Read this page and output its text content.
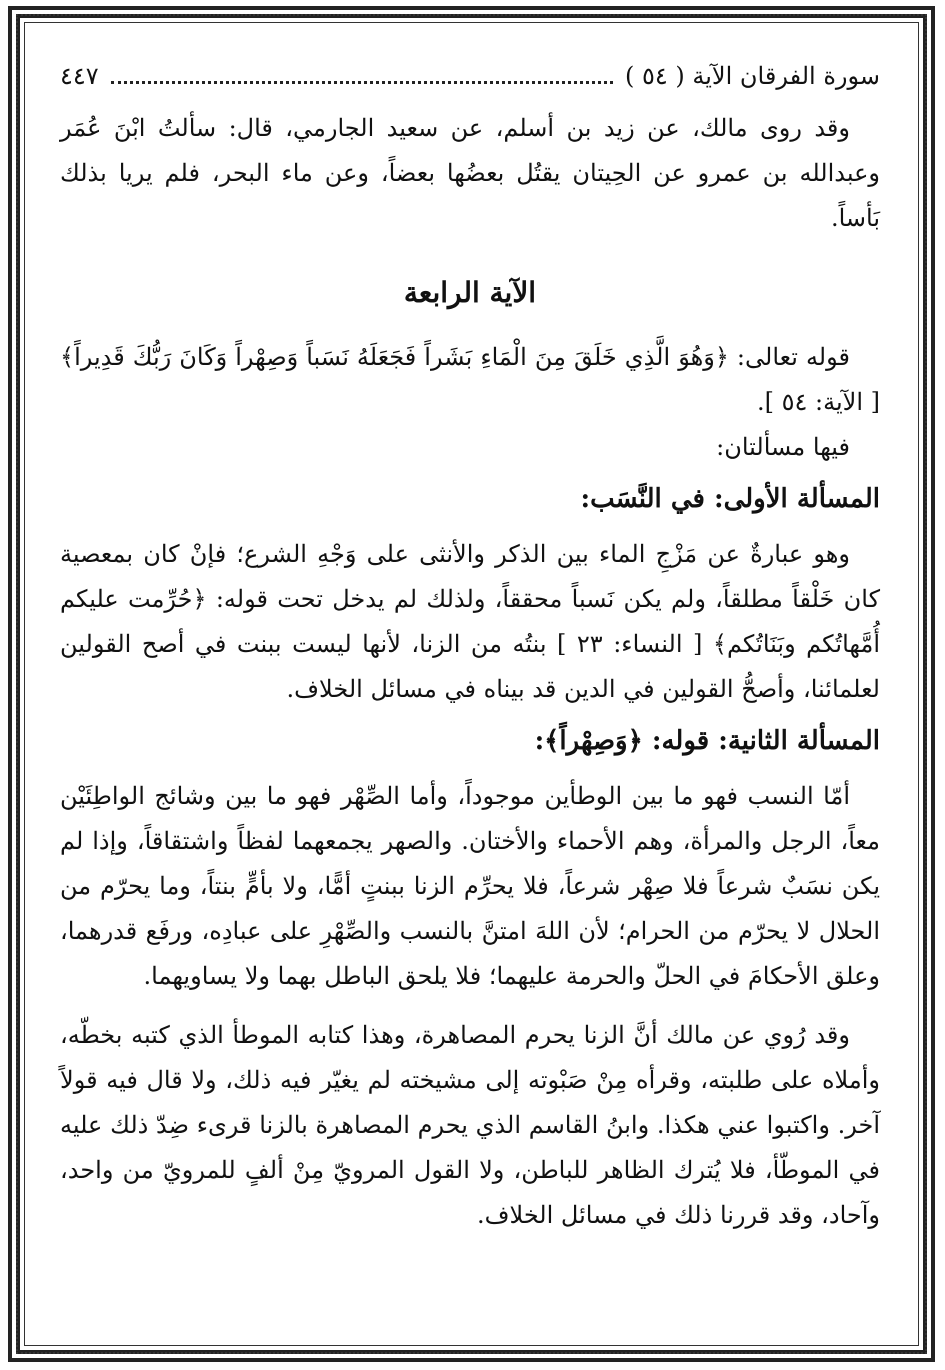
سورة الفرقان الآية ( ٥٤ )
٤٤٧

وقد روى مالك، عن زيد بن أسلم، عن سعيد الجارمي، قال: سألتُ ابْنَ عُمَر وعبدالله بن عمرو عن الحِيتان يقتُل بعضُها بعضاً، وعن ماء البحر، فلم يريا بذلك بَأساً.

الآية الرابعة

قوله تعالى: ﴿وَهُوَ الَّذِي خَلَقَ مِنَ الْمَاءِ بَشَراً فَجَعَلَهُ نَسَباً وَصِهْراً وَكَانَ رَبُّكَ قَدِيراً﴾ [ الآية: ٥٤ ].

فيها مسألتان:

المسألة الأولى: في النَّسَب:

وهو عبارةٌ عن مَزْجِ الماء بين الذكر والأنثى على وَجْهِ الشرع؛ فإنْ كان بمعصية كان خَلْقاً مطلقاً، ولم يكن نَسباً محققاً، ولذلك لم يدخل تحت قوله: ﴿حُرِّمت عليكم أُمَّهاتُكم وبَنَاتُكم﴾ [ النساء: ٢٣ ] بنتُه من الزنا، لأنها ليست ببنت في أصح القولين لعلمائنا، وأصحُّ القولين في الدين قد بيناه في مسائل الخلاف.

المسألة الثانية: قوله: ﴿وَصِهْراً﴾:

أمّا النسب فهو ما بين الوطأين موجوداً، وأما الصِّهْر فهو ما بين وشائج الواطِئَيْن معاً، الرجل والمرأة، وهم الأحماء والأختان. والصهر يجمعهما لفظاً واشتقاقاً، وإذا لم يكن نسَبٌ شرعاً فلا صِهْر شرعاً، فلا يحرِّم الزنا ببنتٍ أمًّا، ولا بأمٍّ بنتاً، وما يحرّم من الحلال لا يحرّم من الحرام؛ لأن اللهَ امتنَّ بالنسب والصِّهْرِ على عبادِه، ورفَع قدرهما، وعلق الأحكامَ في الحلّ والحرمة عليهما؛ فلا يلحق الباطل بهما ولا يساويهما.

وقد رُوي عن مالك أنَّ الزنا يحرم المصاهرة، وهذا كتابه الموطأ الذي كتبه بخطّه، وأملاه على طلبته، وقرأه مِنْ صَبْوته إلى مشيخته لم يغيّر فيه ذلك، ولا قال فيه قولاً آخر. واكتبوا عني هكذا. وابنُ القاسم الذي يحرم المصاهرة بالزنا قرىء ضِدّ ذلك عليه في الموطّأ، فلا يُترك الظاهر للباطن، ولا القول المرويّ مِنْ ألفٍ للمرويّ من واحد، وآحاد، وقد قررنا ذلك في مسائل الخلاف.
